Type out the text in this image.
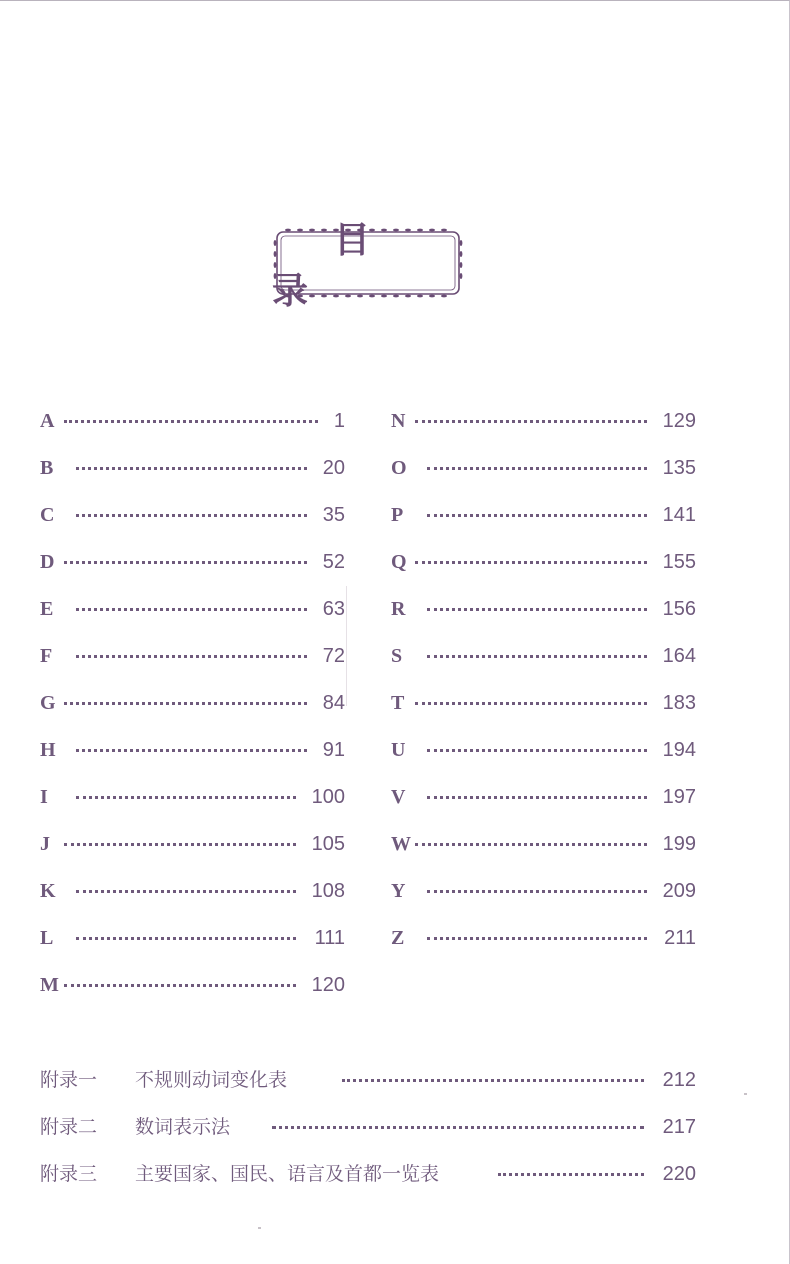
目 录
A	1
B	20
C	35
D	52
E	63
F	72
G	84
H	91
I	100
J	105
K	108
L	111
M	120
N	129
O	135
P	141
Q	155
R	156
S	164
T	183
U	194
V	197
W	199
Y	209
Z	211
附录一 不规则动词变化表	212
附录二 数词表示法	217
附录三 主要国家、国民、语言及首都一览表	220
